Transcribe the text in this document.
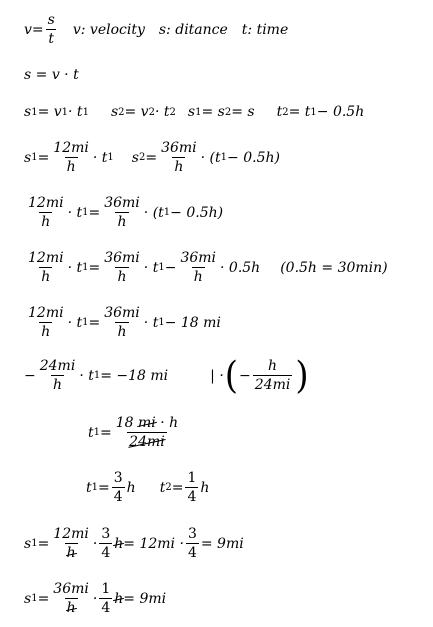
$v = \frac{s}{t} v$: velocity s: ditance t: time
s = v · t
s 1 = v 1 · t 1 s 2 = v 2 · t 2 s 1 = s 2 = s t 2 = t 1 − 0.5h
s $1 = \frac{12mi}{h} \cdot t$ 1 s $2 = \frac{36mi}{h} \cdot (t$ 1 − 0.5h)
$\frac{12mi}{h} \cdot t$ $1 = \frac{36mi}{h} \cdot (t$ 1 − 0.5h)
$\frac{12mi}{h} \cdot t$ $1 = \frac{36mi}{h} \cdot t$ $1 - \frac{36mi}{h} \cdot 0.5h$ (0.5h = 30min)
$\frac{12mi}{h} \cdot t$ $1 = \frac{36mi}{h} \cdot t$ 1 − 18 mi
− $\frac{24mi}{h} \cdot t$ 1 = −18 mi	| · ( − $\frac{h}{24mi}$ )
t $1 = \frac{18 mi \cdot h}{24mi}$
t $1 = \frac{3}{4}$ h t $2 = \frac{1}{4}$ h
s $1 = \frac{12mi}{h} \cdot \frac{3}{4}$ $h = 12mi \cdot \frac{3}{4} = 9mi$
s $1 = \frac{36mi}{h} \cdot \frac{1}{4}$ h = 9mi
